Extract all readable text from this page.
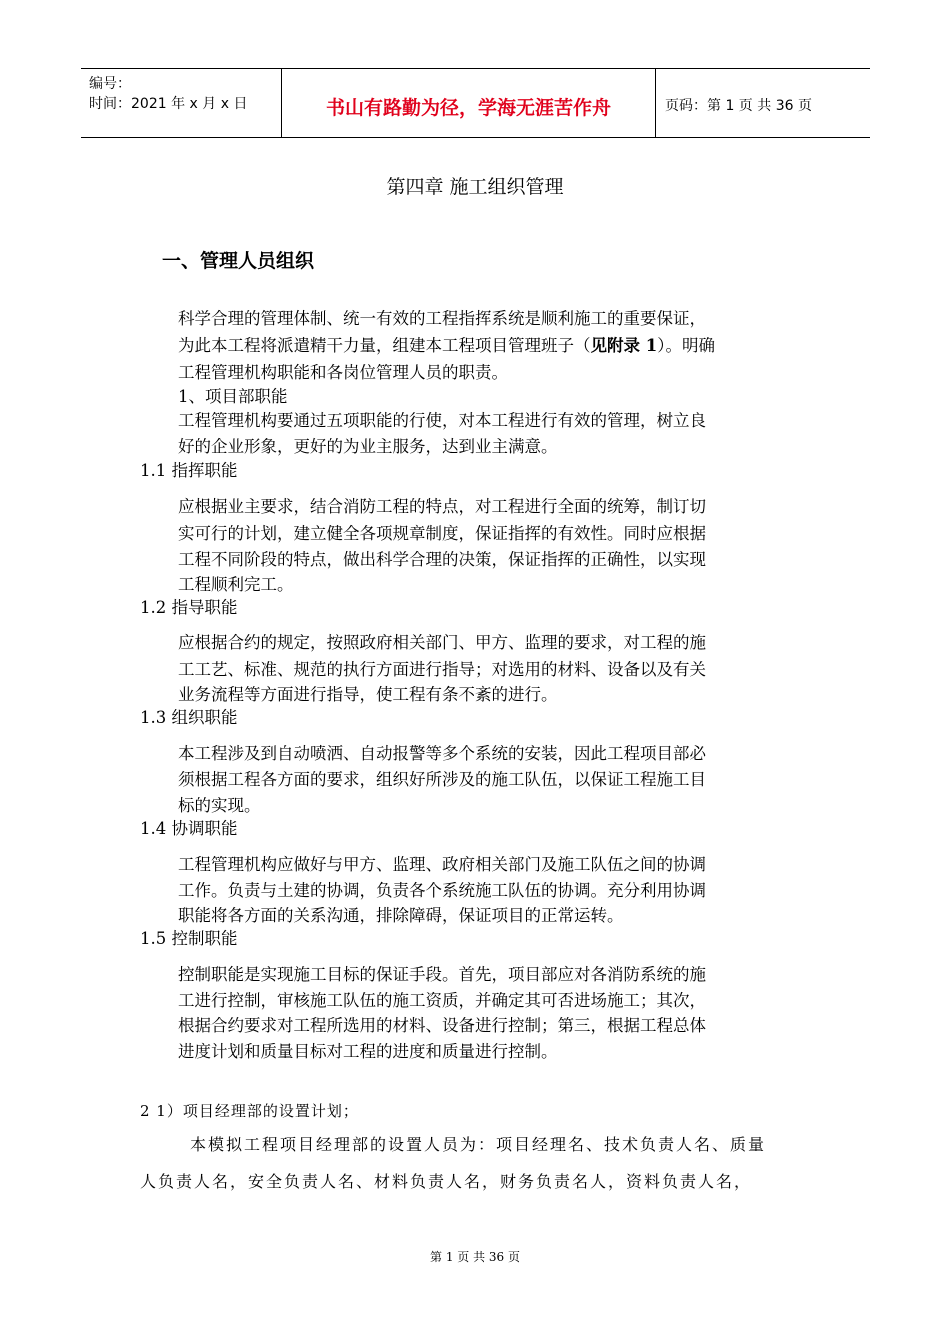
编号：
时间：2021 年 x 月 x 日	书山有路勤为径，学海无涯苦作舟	页码：第 1 页 共 36 页
第四章 施工组织管理
一、管理人员组织
科学合理的管理体制、统一有效的工程指挥系统是顺利施工的重要保证，
为此本工程将派遣精干力量，组建本工程项目管理班子（见附录 1）。明确
工程管理机构职能和各岗位管理人员的职责。
1、项目部职能
工程管理机构要通过五项职能的行使，对本工程进行有效的管理，树立良
好的企业形象，更好的为业主服务，达到业主满意。
1.1 指挥职能
应根据业主要求，结合消防工程的特点，对工程进行全面的统筹，制订切
实可行的计划，建立健全各项规章制度，保证指挥的有效性。同时应根据
工程不同阶段的特点，做出科学合理的决策，保证指挥的正确性，以实现
工程顺利完工。
1.2 指导职能
应根据合约的规定，按照政府相关部门、甲方、监理的要求，对工程的施
工工艺、标准、规范的执行方面进行指导；对选用的材料、设备以及有关
业务流程等方面进行指导，使工程有条不紊的进行。
1.3 组织职能
本工程涉及到自动喷洒、自动报警等多个系统的安装，因此工程项目部必
须根据工程各方面的要求，组织好所涉及的施工队伍，以保证工程施工目
标的实现。
1.4 协调职能
工程管理机构应做好与甲方、监理、政府相关部门及施工队伍之间的协调
工作。负责与土建的协调，负责各个系统施工队伍的协调。充分利用协调
职能将各方面的关系沟通，排除障碍，保证项目的正常运转。
1.5 控制职能
控制职能是实现施工目标的保证手段。首先，项目部应对各消防系统的施
工进行控制，审核施工队伍的施工资质，并确定其可否进场施工；其次，
根据合约要求对工程所选用的材料、设备进行控制；第三，根据工程总体
进度计划和质量目标对工程的进度和质量进行控制。
2 1）项目经理部的设置计划；
本模拟工程项目经理部的设置人员为：项目经理名、技术负责人名、质量
人负责人名，安全负责人名、材料负责人名，财务负责名人，资料负责人名，
第 1 页 共 36 页
